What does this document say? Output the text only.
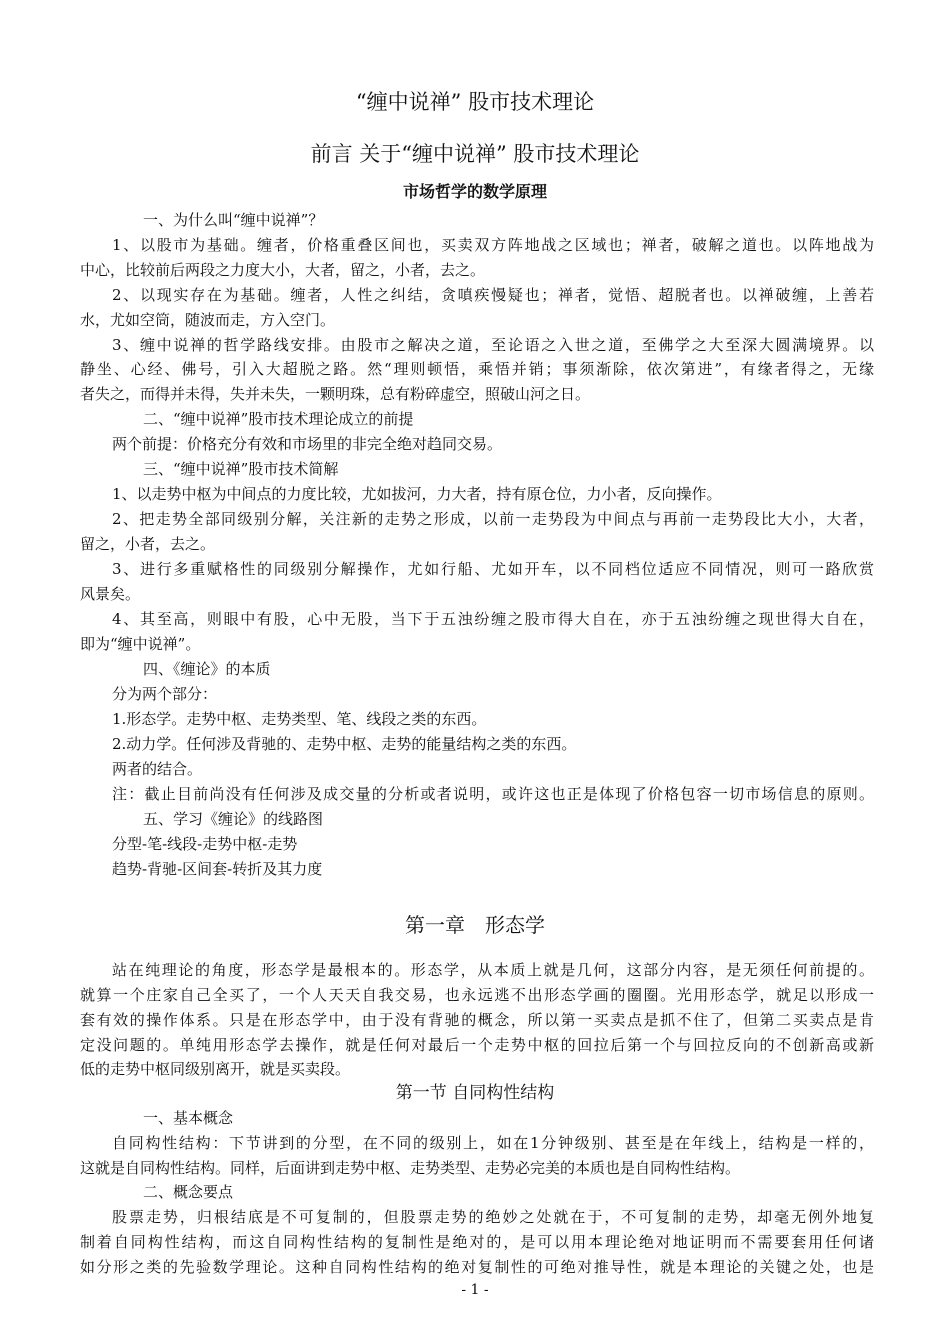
“缠中说禅” 股市技术理论
前言 关于“缠中说禅” 股市技术理论
市场哲学的数学原理
一、为什么叫“缠中说禅”？
1、以股市为基础。缠者，价格重叠区间也，买卖双方阵地战之区域也；禅者，破解之道也。以阵地战为
中心，比较前后两段之力度大小，大者，留之，小者，去之。
2、以现实存在为基础。缠者，人性之纠结，贪嗔疾慢疑也；禅者，觉悟、超脱者也。以禅破缠，上善若
水，尤如空筒，随波而走，方入空门。
3、缠中说禅的哲学路线安排。由股市之解决之道，至论语之入世之道，至佛学之大至深大圆满境界。以
静坐、心经、佛号，引入大超脱之路。然“理则顿悟，乘悟并销；事须渐除，依次第进”，有缘者得之，无缘
者失之，而得并未得，失并未失，一颗明珠，总有粉碎虚空，照破山河之日。
二、“缠中说禅”股市技术理论成立的前提
两个前提：价格充分有效和市场里的非完全绝对趋同交易。
三、“缠中说禅”股市技术简解
1、以走势中枢为中间点的力度比较，尤如拔河，力大者，持有原仓位，力小者，反向操作。
2、把走势全部同级别分解，关注新的走势之形成，以前一走势段为中间点与再前一走势段比大小，大者，
留之，小者，去之。
3、进行多重赋格性的同级别分解操作，尤如行船、尤如开车，以不同档位适应不同情况，则可一路欣赏
风景矣。
4、其至高，则眼中有股，心中无股，当下于五浊纷缠之股市得大自在，亦于五浊纷缠之现世得大自在，
即为“缠中说禅”。
四、《缠论》的本质
分为两个部分：
1.形态学。走势中枢、走势类型、笔、线段之类的东西。
2.动力学。任何涉及背驰的、走势中枢、走势的能量结构之类的东西。
两者的结合。
注：截止目前尚没有任何涉及成交量的分析或者说明，或许这也正是体现了价格包容一切市场信息的原则。
五、学习《缠论》的线路图
分型-笔-线段-走势中枢-走势
趋势-背驰-区间套-转折及其力度
第一章　形态学
站在纯理论的角度，形态学是最根本的。形态学，从本质上就是几何，这部分内容，是无须任何前提的。
就算一个庄家自己全买了，一个人天天自我交易，也永远逃不出形态学画的圈圈。光用形态学，就足以形成一
套有效的操作体系。只是在形态学中，由于没有背驰的概念，所以第一买卖点是抓不住了，但第二买卖点是肯
定没问题的。单纯用形态学去操作，就是任何对最后一个走势中枢的回拉后第一个与回拉反向的不创新高或新
低的走势中枢同级别离开，就是买卖段。
第一节 自同构性结构
一、基本概念
自同构性结构：下节讲到的分型，在不同的级别上，如在1分钟级别、甚至是在年线上，结构是一样的，
这就是自同构性结构。同样，后面讲到走势中枢、走势类型、走势必完美的本质也是自同构性结构。
二、概念要点
股票走势，归根结底是不可复制的，但股票走势的绝妙之处就在于，不可复制的走势，却毫无例外地复
制着自同构性结构，而这自同构性结构的复制性是绝对的，是可以用本理论绝对地证明而不需要套用任何诸
如分形之类的先验数学理论。这种自同构性结构的绝对复制性的可绝对推导性，就是本理论的关键之处，也是
- 1 -
